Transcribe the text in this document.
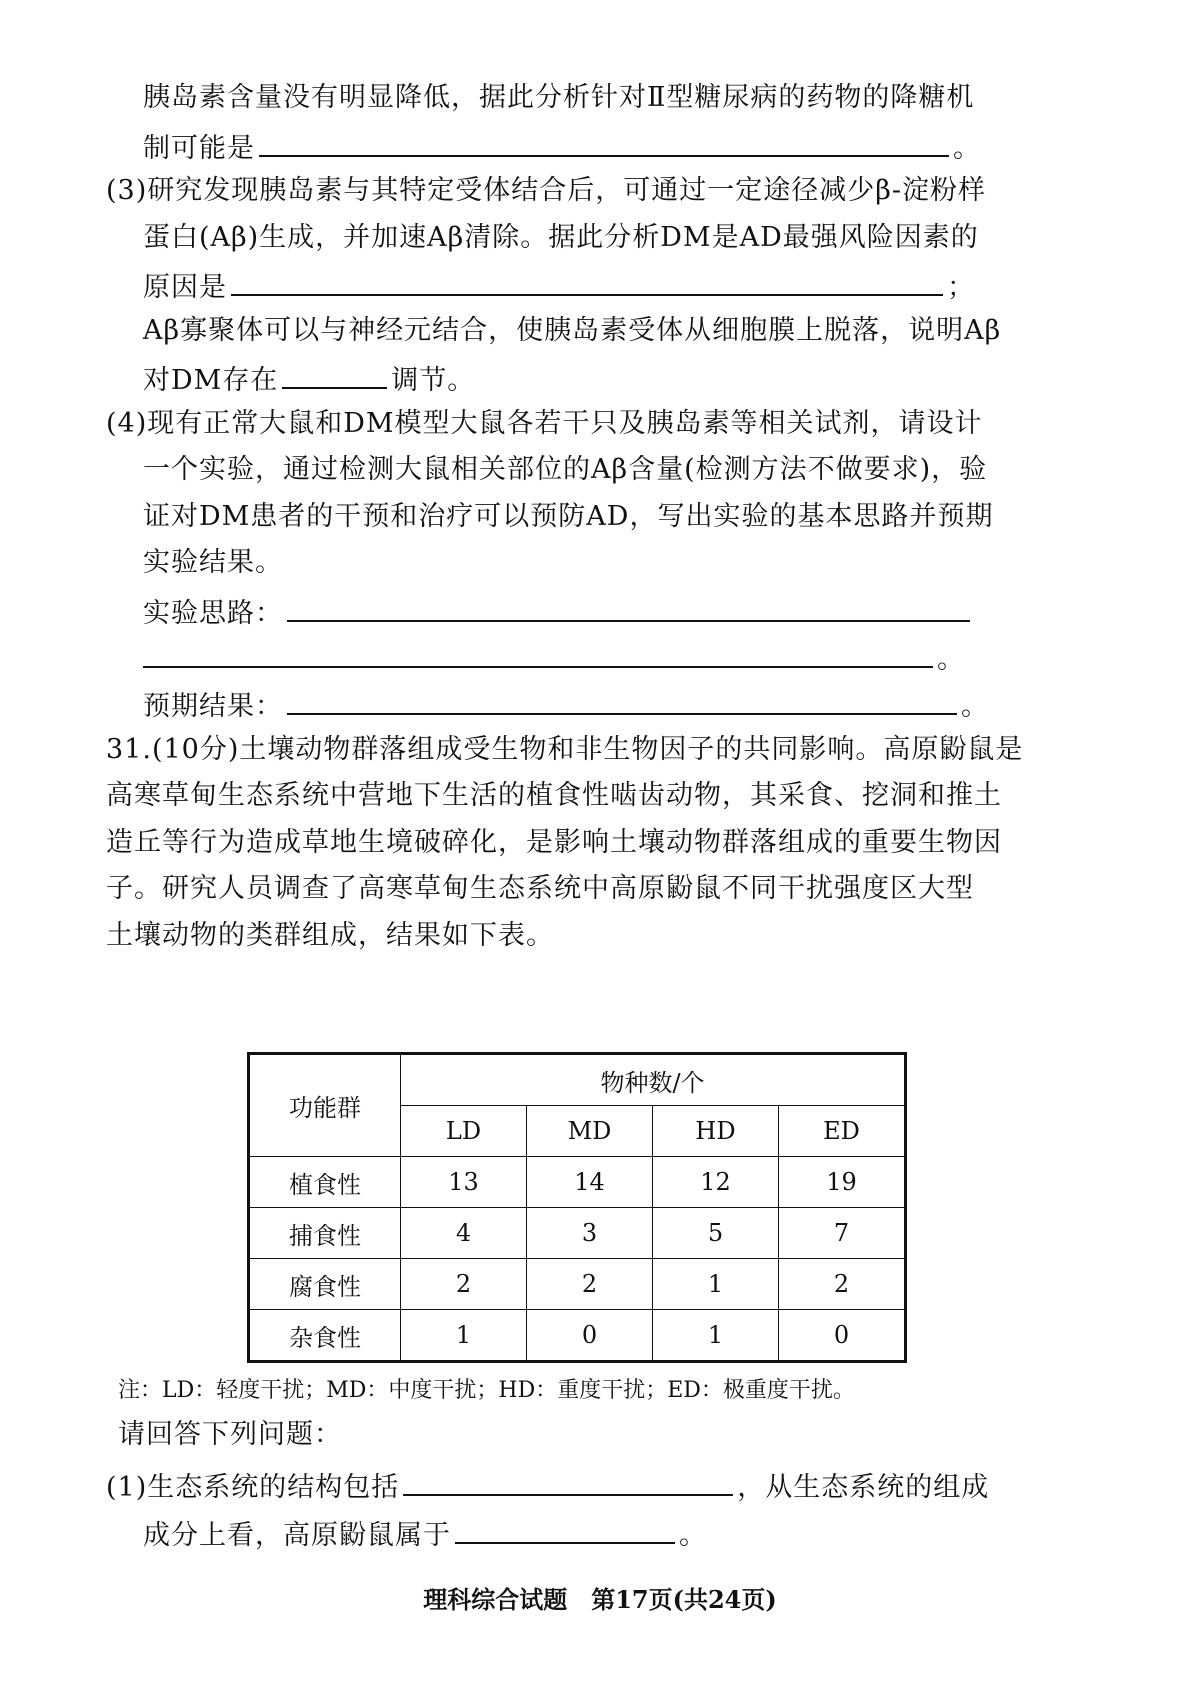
胰岛素含量没有明显降低，据此分析针对Ⅱ型糖尿病的药物的降糖机
制可能是	。
(3)研究发现胰岛素与其特定受体结合后，可通过一定途径减少β-淀粉样
蛋白(Aβ)生成，并加速Aβ清除。据此分析DM是AD最强风险因素的
原因是	；
Aβ寡聚体可以与神经元结合，使胰岛素受体从细胞膜上脱落，说明Aβ
对DM存在	调节。
(4)现有正常大鼠和DM模型大鼠各若干只及胰岛素等相关试剂，请设计
一个实验，通过检测大鼠相关部位的Aβ含量(检测方法不做要求)，验
证对DM患者的干预和治疗可以预防AD，写出实验的基本思路并预期
实验结果。
实验思路：
。
预期结果：	。
31.(10分)土壤动物群落组成受生物和非生物因子的共同影响。高原鼢鼠是
高寒草甸生态系统中营地下生活的植食性啮齿动物，其采食、挖洞和推土
造丘等行为造成草地生境破碎化，是影响土壤动物群落组成的重要生物因
子。研究人员调查了高寒草甸生态系统中高原鼢鼠不同干扰强度区大型
土壤动物的类群组成，结果如下表。
功能群	物种数/个			
	LD	MD	HD	ED
植食性	13	14	12	19
捕食性	4	3	5	7
腐食性	2	2	1	2
杂食性	1	0	1	0
注：LD：轻度干扰；MD：中度干扰；HD：重度干扰；ED：极重度干扰。
请回答下列问题：
(1)生态系统的结构包括	，从生态系统的组成
成分上看，高原鼢鼠属于	。
理科综合试题　第17页(共24页)
